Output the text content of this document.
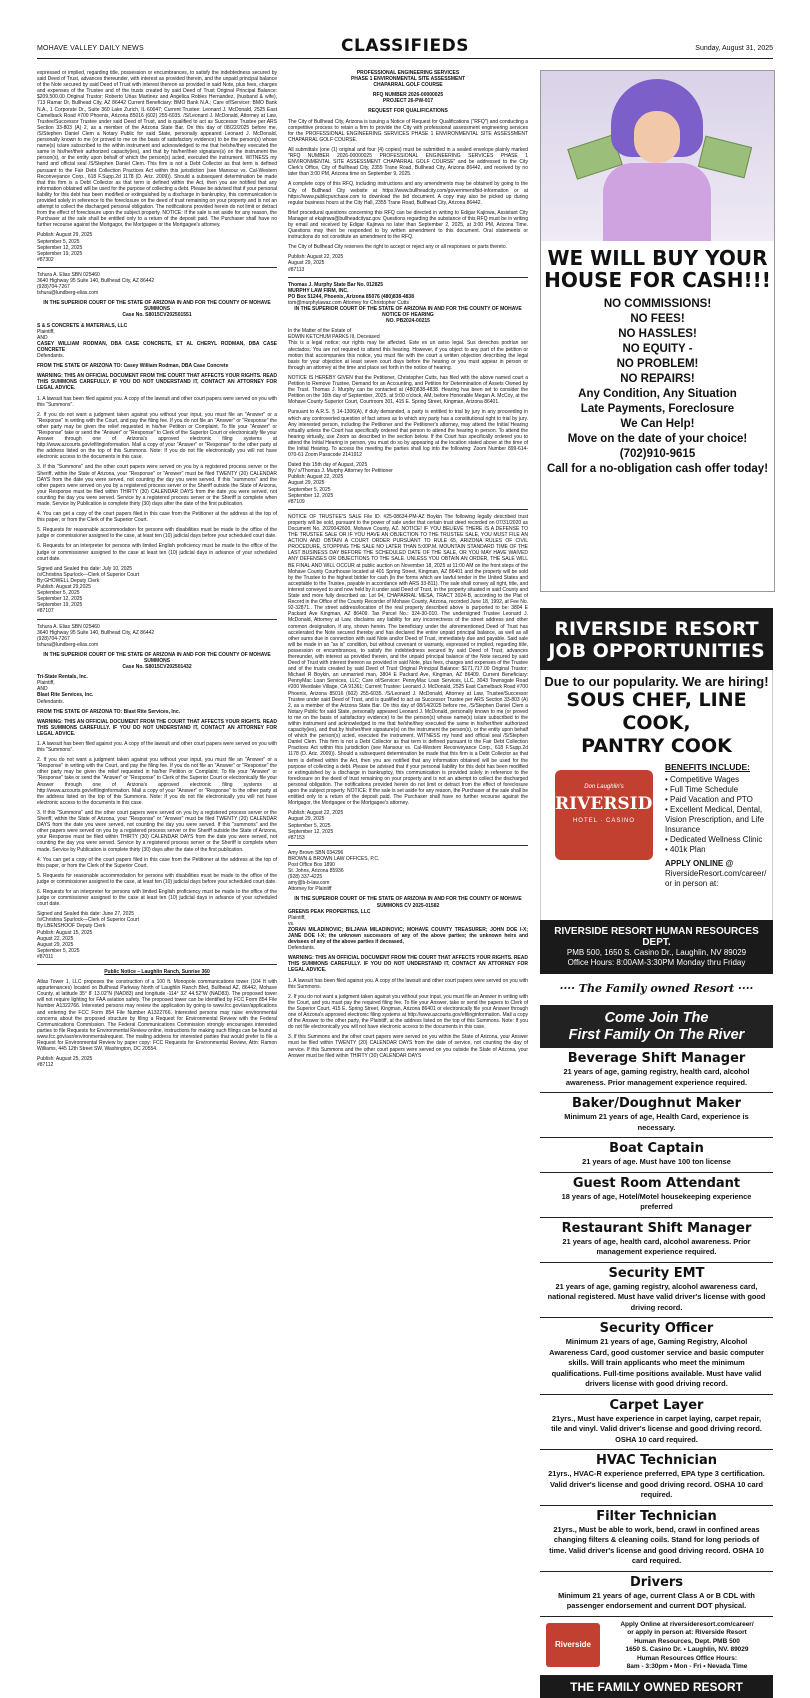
MOHAVE VALLEY DAILY NEWS	CLASSIFIEDS	Sunday, August 31, 2025

expressed or implied, regarding title, possession or encumbrances, to satisfy the indebtedness secured by said Deed of Trust, advances thereunder, with interest as provided therein, and the unpaid principal balance of the Note secured by said Deed of Trust with interest thereon as provided in said Note, plus fees, charges and expenses of the Trustee and of the trusts created by said Deed of Trust Original Principal Balance: $209,500.00 Original Trustor: Roberto Urias Martinez and Angelica Robles Hernandez, (husband & wife), 713 Ramar Dr, Bullhead City, AZ 86442 Current Beneficiary: BMO Bank N.A.; Care of/Servicer: BMO Bank N.A., 1 Corporate Dr., Suite 360 Lake Zurich, IL 60047; Current Trustee: Leonard J. McDonald, 2525 East Camelback Road #700 Phoenix, Arizona 85016 (602) 255-6035. /S/Leonard J. McDonald, Attorney at Law, Trustee/Successor Trustee under said Deed of Trust, and is qualified to act as Successor Trustee per ARS Section 33-803 (A) 2, as a member of the Arizona State Bar. On this day of 08/22/2025 before me, /S/Stephen Daniel Clem a Notary Public for said State, personally appeared Leonard J. McDonald, personally known to me (or proved to me on the basis of satisfactory evidence) to be the person(s) whose name(s) is/are subscribed to the within instrument and acknowledged to me that he/she/they executed the same in his/her/their authorized capacity(ies), and that by his/her/their signature(s) on the instrument the person(s), or the entity upon behalf of which the person(s) acted, executed the instrument. WITNESS my hand and official seal /S/Stephen Daniel Clem. This firm is not a Debt Collector as that term is defined pursuant to the Fair Debt Collection Practices Act within this jurisdiction (see Mansour vs. Cal-Western Reconveyance Corp., 618 F.Supp.2d 1178 (D. Ariz. 2009)). Should a subsequent determination be made that this firm is a Debt Collector as that term is defined within the Act, then you are notified that any information obtained will be used for the purpose of collecting a debt. Please be advised that if your personal liability for this debt has been modified or extinguished by a discharge in bankruptcy, this communication is provided solely in reference to the foreclosure on the deed of trust remaining on your property and is not an attempt to collect the discharged personal obligation. The notifications provided herein do not limit or detract from the effect of foreclosure upon the subject property. NOTICE: If the sale is set aside for any reason, the Purchaser at the sale shall be entitled only to a return of the deposit paid. The Purchaser shall have no further recourse against the Mortgagor, the Mortgagee or the Mortgagee's attorney.

Publish: August 29, 2025
September 5, 2025
September 12, 2025
September 19, 2025
#87302
Tshura A. Elias SBN 025460
3640 Highway 95 Suite 140, Bullhead City, AZ 86442
(928)704-7267
tshura@lundberg-elias.com

IN THE SUPERIOR COURT OF THE STATE OF ARIZONA IN AND FOR THE COUNTY OF MOHAVE
SUMMONS
Case No. S8015CV202501551

S & S CONCRETE & MATERIALS, LLC
Plaintiff,
AND
CASEY WILLIAM RODMAN, DBA CASE CONCRETE, ET AL CHERYL RODMAN, DBA CASE CONCRETE
Defendants.

FROM THE STATE OF ARIZONA TO: Casey William Rodman, DBA Case Concrete

WARNING: THIS AN OFFICIAL DOCUMENT FROM THE COURT THAT AFFECTS YOUR RIGHTS. READ THIS SUMMONS CAREFULLY. IF YOU DO NOT UNDERSTAND IT, CONTACT AN ATTORNEY FOR LEGAL ADVICE.

1. A lawsuit has been filed against you. A copy of the lawsuit and other court papers were served on you with this "Summons".

2. If you do not want a judgment taken against you without your input, you must file an "Answer" or a "Response" in writing with the Court, and pay the filing fee. If you do not file an "Answer" or "Response" the other party may be given the relief requested in his/her Petition or Complaint. To file your "Answer" or "Response" take or send the "Answer" or "Response" to Clerk of the Superior Court or electronically file your Answer through one of Arizona's approved electronic filing systems at http://www.azcourts.gov/efilinginformation. Mail a copy of your "Answer" or "Response" to the other party at the address listed on the top of this Summons. Note: If you do not file electronically you will not have electronic access to the documents in this case.

3. If this "Summons" and the other court papers were served on you by a registered process server or the Sheriff, within the State of Arizona, your "Response" or "Answer" must be filed TWENTY (20) CALENDAR DAYS from the date you were served, not counting the day you were served. If this "summons" and the other papers were served on you by a registered process server or the Sheriff outside the State of Arizona, your Response must be filed within THIRTY (30) CALENDAR DAYS from the date you were served, not counting the day you were served. Service by a registered process server or the Sheriff is complete when made. Service by Publication is complete thirty (30) days after the date of the first publication.

4. You can get a copy of the court papers filed in this case from the Petitioner at the address at the top of this paper, or from the Clerk of the Superior Court.

5. Requests for reasonable accommodation for persons with disabilities must be made to the office of the judge or commissioner assigned to the case, at least ten (10) judicial days before your scheduled court date.

6. Requests for an interpreter for persons with limited English proficiency must be made to the office of the judge or commissioner assigned to the case at least ten (10) judicial days in advance of your scheduled court date.

Signed and Sealed this date: July 10, 2025
/s/Christina Spurlock—Clerk of Superior Court
By:GHOWELL Deputy Clerk
Publish: August 29,2025
September 5, 2025
September 12, 2025
September 19, 2025
#87107
Tshura A. Elias SBN 025460
3640 Highway 95 Suite 140, Bullhead City, AZ 86442
(928)704-7267
tshura@lundberg-elias.com

IN THE SUPERIOR COURT OF THE STATE OF ARIZONA IN AND FOR THE COUNTY OF MOHAVE
SUMMONS
Case No. S8015CV202501432

Tri-State Rentals, Inc.
Plaintiff,
AND
Blast Rite Services, Inc.
Defendants.

FROM THE STATE OF ARIZONA TO: Blast Rite Services, Inc.

WARNING: THIS AN OFFICIAL DOCUMENT FROM THE COURT THAT AFFECTS YOUR RIGHTS. READ THIS SUMMONS CAREFULLY. IF YOU DO NOT UNDERSTAND IT, CONTACT AN ATTORNEY FOR LEGAL ADVICE.

1. A lawsuit has been filed against you. A copy of the lawsuit and other court papers were served on you with this "Summons".

2. If you do not want a judgment taken against you without your input, you must file an "Answer" or a "Response" in writing with the Court, and pay the filing fee. If you do not file an "Answer" or "Response" the other party may be given the relief requested in his/her Petition or Complaint. To file your "Answer" or "Response" take or send the "Answer" or "Response" to Clerk of the Superior Court or electronically file your Answer through one of Arizona's approved electronic filing systems at http://www.azcourts.gov/efilinginformation. Mail a copy of your "Answer" or "Response" to the other party at the address listed on the top of this Summons. Note: If you do not file electronically you will not have electronic access to the documents in this case.

3. If this "Summons" and the other court papers were served on you by a registered process server or the Sheriff, within the State of Arizona, your "Response" or "Answer" must be filed TWENTY (20) CALENDAR DAYS from the date you were served, not counting the day you were served. If this "summons" and the other papers were served on you by a registered process server or the Sheriff outside the State of Arizona, your Response must be filed within THIRTY (30) CALENDAR DAYS from the date you were served, not counting the day you were served. Service by a registered process server or the Sheriff is complete when made. Service by Publication is complete thirty (30) days after the date of the first publication.

4. You can get a copy of the court papers filed in this case from the Petitioner at the address at the top of this paper, or from the Clerk of the Superior Court.

5. Requests for reasonable accommodation for persons with disabilities must be made to the office of the judge or commissioner assigned to the case, at least ten (10) judicial days before your scheduled court date.

6. Requests for an interpreter for persons with limited English proficiency must be made to the office of the judge or commissioner assigned to the case at least ten (10) judicial days in advance of your scheduled court date.

Signed and Sealed this date: June 27, 2025
/s/Christina Spurlock—Clerk of Superior Court
By LBENSHOOF Deputy Clerk
Publish: August 15, 2025
August 22, 2025
August 29, 2025
September 5, 2025
#87011
Public Notice – Laughlin Ranch, Sunrise 360

Atlas Tower 1, LLC proposes the construction of a 100 ft. Monopole communications tower (104 ft with appurtenances) located on Bullhead Parkway North of Laughlin Ranch Blvd, Bullhead AZ, 86442, Mohave County, at latitude 35° 8' 13.02"N (NAD83) and longitude -114° 32' 44.52"W (NAD83). The proposed tower will not require lighting for FAA aviation safety. The proposed tower can be identified by FCC Form 854 File Number A1322766. Interested persons may review the application by going to www.fcc.gov/asr/applications and entering the FCC Form 854 File Number A1322766. Interested persons may raise environmental concerns about the proposed structure by filing a Request for Environmental Review with the Federal Communications Commission. The Federal Communications Commission strongly encourages interested parties to file Requests for Environmental Review online, instructions for making such filings can be found at www.fcc.gov/asr/environmentalrequest. The mailing address for interested parties that would prefer to file a Request for Environmental Review by paper copy: FCC Requests for Environmental Review, Attn: Ramon Williams, 445 12th Street SW, Washington, DC 20554.

Publish: August 25, 2025
#87112
PROFESSIONAL ENGINEERING SERVICES
PHASE 1 ENVIRONMENTAL SITE ASSESSMENT
CHAPARRAL GOLF COURSE

RFQ NUMBER 2026-00000025
PROJECT 26-PW-017

REQUEST FOR QUALIFICATIONS

The City of Bullhead City, Arizona is issuing a Notice of Request for Qualifications ("RFQ") and conducting a competitive process to retain a firm to provide the City with professional assessment engineering services for the PROFESSIONAL ENGINEERING SERVICES PHASE 1 ENVIRONMENTAL SITE ASSESSMENT CHAPARRAL GOLF COURSE.

All submittals (one (1) original and four (4) copies) must be submitted in a sealed envelope plainly marked "RFQ NUMBER 2026-00000025 PROFESSIONAL ENGINEERING SERVICES PHASE 1 ENVIRONMENTAL SITE ASSESSMENT CHAPARRAL GOLF COURSE" and be addressed to the City Clerk's Office, City of Bullhead City, 2355 Trane Road, Bullhead City, Arizona 86442, and received by no later than 3:00 PM, Arizona time on September 9, 2025.

A complete copy of this RFQ, including instructions and any amendments may be obtained by going to the City of Bullhead City website at https://www.bullheadcity.com/government/bid-information or at https://www.publicpurchase.com to download the bid document. A copy may also be picked up during regular business hours at the City Hall, 2355 Trane Road, Bullhead City, Arizona 86442.

Brief procedural questions concerning this RFQ can be directed in writing to Edigar Kajinwa, Assistant City Manager at ekajinwa@bullheadcityaz.gov. Questions regarding the substance of this RFQ must be in writing by email and received by Edigar Kajinwa no later than September 2, 2025, at 3:00 PM, Arizona Time. Questions may then be responded to by written amendment to this document. Oral statements or instructions do not constitute an amendment to the RFQ.

The City of Bullhead City reserves the right to accept or reject any or all responses or parts thereto.

Publish: August 22, 2025
August 29, 2025
#87113
Thomas J. Murphy State Bar No. 012825
MURPHY LAW FIRM, INC.
PO Box 51244, Phoenix, Arizona 85076 (480)838-4838
tom@murphylawaz.com Attorney for Christopher Cutts
IN THE SUPERIOR COURT OF THE STATE OF ARIZONA IN AND FOR THE COUNTY OF MOHAVE
NOTICE OF HEARING
NO. PB2024-00215

In the Matter of the Estate of
EDWIN KETCHUM PARKS III, Deceased

This is a legal notice; our rights may be affected. Este es un aviso legal. Sus derechos podrían ser afectados. You are not required to attend this hearing. However, if you object to any part of the petition or motion that accompanies this notice, you must file with the court a written objection describing the legal basis for your objection at least seven court days before the hearing or you must appear in person or through an attorney at the time and place set forth in the notice of hearing.

NOTICE IS HEREBY GIVEN that the Petitioner, Christopher Cutts, has filed with the above named court a Petition to Remove Trustee, Demand for an Accounting, and Petition for Determination of Assets Owned by the Trust. Thomas J. Murphy can be contacted at (480)838-4838. Hearing has been set to consider the Petition on the 16th day of September, 2025, at 9:00 o'clock, AM, before Honorable Megan A. McCoy, at the Mohave County Superior Court, Courtroom 301, 415 E. Spring Street, Kingman, Arizona 86401.

Pursuant to A.R.S. § 14-1306(A), if duly demanded, a party is entitled to trial by jury in any proceeding in which any controverted question of fact arises as to which any party has a constitutional right to trial by jury. Any interested person, including the Petitioner and the Petitioner's attorney, may attend the Initial Hearing virtually unless the Court has specifically ordered that person to attend the hearing in person. To attend the hearing virtually, use Zoom as described in the section below. If the Court has specifically ordered you to attend the Initial Hearing in person, you must do so by appearing at the location stated above at the time of the Initial Hearing. To access the meeting the parties shall log into the following: Zoom Number 899-614-070-61 Zoom Passcode 2141912

Dated this 15th day of August, 2025
By:/ s/Thomas J. Murphy Attorney for Petitioner
Publish: August 22, 2025
August 29, 2025
September 5, 2025
September 12, 2025
#87109

NOTICE OF TRUSTEE'S SALE File ID. #25-08634-PM-AZ Boykin The following legally described trust property will be sold, pursuant to the power of sale under that certain trust deed recorded on 07/31/2020 as Document No. 2020042600, Mohave County, AZ. NOTICE! IF YOU BELIEVE THERE IS A DEFENSE TO THE TRUSTEE SALE OR IF YOU HAVE AN OBJECTION TO THE TRUSTEE SALE, YOU MUST FILE AN ACTION AND OBTAIN A COURT ORDER PURSUANT TO RULE 65, ARIZONA RULES OF CIVIL PROCEDURE, STOPPING THE SALE NO LATER THAN 5:00P.M. MOUNTAIN STANDARD TIME OF THE LAST BUSINESS DAY BEFORE THE SCHEDULED DATE OF THE SALE, OR YOU MAY HAVE WAIVED ANY DEFENSES OR OBJECTIONS TO THE SALE. UNLESS YOU OBTAIN AN ORDER, THE SALE WILL BE FINAL AND WILL OCCUR at public auction on November 18, 2025 at 11:00 AM on the front steps of the Mohave County Courthouse located at 401 Spring Street, Kingman, AZ 86401 and the property will be sold by the Trustee to the highest bidder for cash (in the forms which are lawful tender in the United States and acceptable to the Trustee, payable in accordance with ARS 33-811). The sale shall convey all right, title, and interest conveyed to and now held by it under said Deed of Trust, in the property situated in said County and State and more fully described as: Lot 94, CHAPARRAL MESA, TRACT 3024-B, according to the Plat of Record in the Office of the County Recorder of Mohave County, Arizona, recorded June 18, 1992, at Fee No. 92-32871.. The street address/location of the real property described above is purported to be: 3804 E Packard Ave Kingman, AZ 86409. Tax Parcel No.: 324-30-010. The undersigned Trustee Leonard J. McDonald, Attorney at Law, disclaims any liability for any incorrectness of the street address and other common designation, if any, shown herein. The beneficiary under the aforementioned Deed of Trust has accelerated the Note secured thereby and has declared the entire unpaid principal balance, as well as all other sums due in connection with said Note and/or Deed of Trust, immediately due and payable. Said sale will be made in an "as is" condition, but without covenant or warranty, expressed or implied, regarding title, possession or encumbrances, to satisfy the indebtedness secured by said Deed of Trust, advances thereunder, with interest as provided therein, and the unpaid principal balance of the Note secured by said Deed of Trust with interest thereon as provided in said Note, plus fees, charges and expenses of the Trustee and of the trusts created by said Deed of Trust Original Principal Balance: $171,717.00 Original Trustor: Michael R Boykin, an unmarried man, 3804 E Packard Ave, Kingman, AZ 86409. Current Beneficiary: PennyMac Loan Services, LLC; Care of/Servicer: PennyMac Loan Services, LLC, 3043 Townsgate Road #200 Westlake Village, CA 91361; Current Trustee: Leonard J. McDonald, 2525 East Camelback Road #700 Phoenix, Arizona 85016 (602) 255-6035. /S/Leonard J. McDonald, Attorney at Law, Trustee/Successor Trustee under said Deed of Trust, and is qualified to act as Successor Trustee per ARS Section 33-803 (A) 2, as a member of the Arizona State Bar. On this day of 08/14/2025 before me, /S/Stephen Daniel Clem a Notary Public for said State, personally appeared Leonard J. McDonald, personally known to me (or proved to me on the basis of satisfactory evidence) to be the person(s) whose name(s) is/are subscribed to the within instrument and acknowledged to me that he/she/they executed the same in his/her/their authorized capacity(ies), and that by his/her/their signature(s) on the instrument the person(s), or the entity upon behalf of which the person(s) acted, executed the instrument. WITNESS my hand and official seal /S/Stephen Daniel Clem. This firm is not a Debt Collector as that term is defined pursuant to the Fair Debt Collection Practices Act within this jurisdiction (see Mansour vs. Cal-Western Reconveyance Corp., 618 F.Supp.2d 1178 (D. Ariz. 2009)). Should a subsequent determination be made that this firm is a Debt Collector as that term is defined within the Act, then you are notified that any information obtained will be used for the purpose of collecting a debt. Please be advised that if your personal liability for this debt has been modified or extinguished by a discharge in bankruptcy, this communication is provided solely in reference to the foreclosure on the deed of trust remaining on your property and is not an attempt to collect the discharged personal obligation. The notifications provided herein do not limit or detract from the effect of foreclosure upon the subject property. NOTICE: If the sale is set aside for any reason, the Purchaser at the sale shall be entitled only to a return of the deposit paid. The Purchaser shall have no further recourse against the Mortgagor, the Mortgagee or the Mortgagee's attorney.

Publish: August 22, 2025
August 29, 2025
September 5, 2025
September 12, 2025
#87153
Amy Brown SBN 034296
BROWN & BROWN LAW OFFICES, P.C.
Post Office Box 1890
St. Johns, Arizona 85936
(928) 337-4225
amy@b-b-law.com
Attorney for Plaintiff

IN THE SUPERIOR COURT OF THE STATE OF ARIZONA IN AND FOR THE COUNTY OF MOHAVE
SUMMONS CV 2025-01582
GREENS PEAK PROPERTIES, LLC
Plaintiff,
vs.
ZORAN MILADINOVIC; BILJANA MILADINOVIC; MOHAVE COUNTY TREASURER; JOHN DOE I-X; JANE DOE I-X; the unknown successors of any of the above parties; the unknown heirs and devisees of any of the above parties if deceased,
Defendants.

WARNING: THIS AN OFFICIAL DOCUMENT FROM THE COURT THAT AFFECTS YOUR RIGHTS. READ THIS SUMMONS CAREFULLY. IF YOU DO NOT UNDERSTAND IT, CONTACT AN ATTORNEY FOR LEGAL ADVICE.

1. A lawsuit has been filed against you. A copy of the lawsuit and other court papers were served on you with this Summons.

2. If you do not want a judgment taken against you without your input, you must file an Answer in writing with the Court, and you must pay the required filing fee. To file your Answer, take or send the papers to Clerk of the Superior Court, 415 E. Spring Street, Kingman, Arizona 86401 or electronically file your Answer through one of Arizona's approved electronic filing systems at http://www.azcourts.gov/efilinginformation. Mail a copy of the Answer to the other party, the Plaintiff, at the address listed on the top of this Summons. Note: If you do not file electronically you will not have electronic access to the documents in this case.

3. If this Summons and the other court papers were served on you within the State of Arizona, your Answer must be filed within TWENTY (20) CALENDAR DAYS from the date of service, not counting the day of service. If this Summons and the other court papers were served on you outside the State of Arizona, your Answer must be filed within THIRTY (30) CALENDAR DAYS

WE WILL BUY YOUR HOUSE FOR CASH!!!
NO COMMISSIONS!
NO FEES!
NO HASSLES!
NO EQUITY -
NO PROBLEM!
NO REPAIRS!
Any Condition, Any Situation
Late Payments, Foreclosure
We Can Help!
Move on the date of your choice!
(702)910-9615
Call for a no-obligation cash offer today!
RIVERSIDE RESORT
JOB OPPORTUNITIES
Due to our popularity. We are hiring!
SOUS CHEF, LINE COOK,
PANTRY COOK
Don Laughlin's
RIVERSIDE
HOTEL · CASINO
BENEFITS INCLUDE:
• Competitive Wages
• Full Time Schedule
• Paid Vacation and PTO
• Excellent Medical, Dental, Vision Prescription, and Life Insurance
• Dedicated Wellness Clinic
• 401k Plan
APPLY ONLINE @
RiversideResort.com/career/
or in person at:
RIVERSIDE RESORT HUMAN RESOURCES DEPT.
PMB 500, 1650 S. Casino Dr., Laughlin, NV 89029
Office Hours: 8:00AM-3:30PM Monday thru Friday
···· The Family owned Resort ····
Come Join The
First Family On The River
Beverage Shift Manager
21 years of age, gaming registry, health card, alcohol awareness. Prior management experience required.
Baker/Doughnut Maker
Minimum 21 years of age, Health Card, experience is necessary.
Boat Captain
21 years of age. Must have 100 ton license
Guest Room Attendant
18 years of age, Hotel/Motel housekeeping experience preferred
Restaurant Shift Manager
21 years of age, health card, alcohol awareness. Prior management experience required.
Security EMT
21 years of age, gaming registry, alcohol awareness card, national registered. Must have valid driver's license with good driving record.
Security Officer
Minimum 21 years of age, Gaming Registry, Alcohol Awareness Card, good customer service and basic computer skills. Will train applicants who meet the minimum qualifications. Full-time positions available. Must have valid drivers license with good driving record.
Carpet Layer
21yrs., Must have experience in carpet laying, carpet repair, tile and vinyl. Valid driver's license and good driving record. OSHA 10 card required.
HVAC Technician
21yrs., HVAC-R experience preferred, EPA type 3 certification. Valid driver's license and good driving record. OSHA 10 card required.
Filter Technician
21yrs., Must be able to work, bend, crawl in confined areas changing filters & cleaning coils. Stand for long periods of time. Valid driver's license and good driving record. OSHA 10 card required.
Drivers
Minimum 21 years of age, current Class A or B CDL with passenger endorsement and current DOT physical.
Riverside
Apply Online at riversideresort.com/career/
or apply in person at: Riverside Resort
Human Resources, Dept. PMB 500
1650 S. Casino Dr. • Laughlin, NV. 89029
Human Resources Office Hours:
8am - 3:30pm • Mon - Fri • Nevada Time
THE FAMILY OWNED RESORT
